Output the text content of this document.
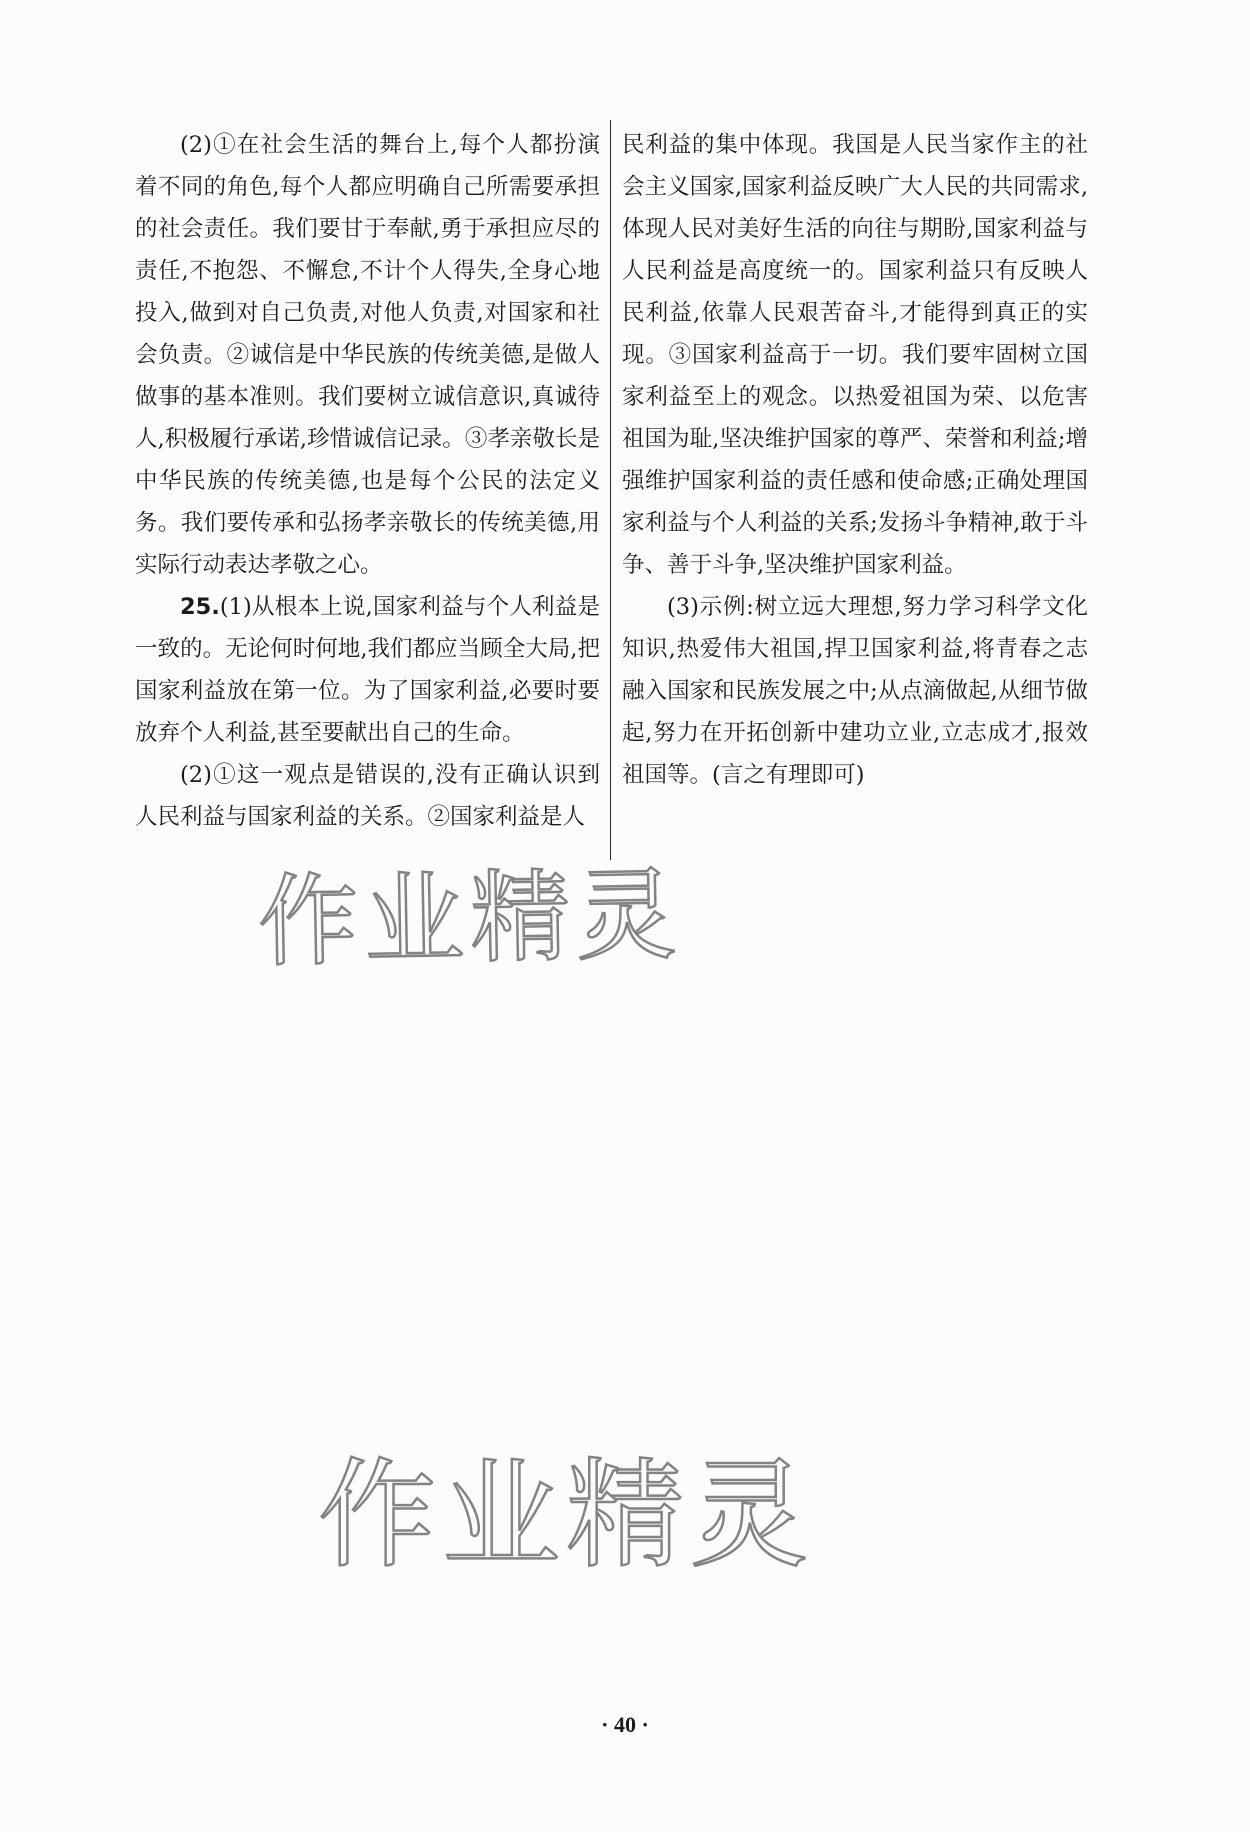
(2)①在社会生活的舞台上,每个人都扮演着不同的角色,每个人都应明确自己所需要承担的社会责任。我们要甘于奉献,勇于承担应尽的责任,不抱怨、不懈怠,不计个人得失,全身心地投入,做到对自己负责,对他人负责,对国家和社会负责。②诚信是中华民族的传统美德,是做人做事的基本准则。我们要树立诚信意识,真诚待人,积极履行承诺,珍惜诚信记录。③孝亲敬长是中华民族的传统美德,也是每个公民的法定义务。我们要传承和弘扬孝亲敬长的传统美德,用实际行动表达孝敬之心。

25.(1)从根本上说,国家利益与个人利益是一致的。无论何时何地,我们都应当顾全大局,把国家利益放在第一位。为了国家利益,必要时要放弃个人利益,甚至要献出自己的生命。

(2)①这一观点是错误的,没有正确认识到人民利益与国家利益的关系。②国家利益是人

民利益的集中体现。我国是人民当家作主的社会主义国家,国家利益反映广大人民的共同需求,体现人民对美好生活的向往与期盼,国家利益与人民利益是高度统一的。国家利益只有反映人民利益,依靠人民艰苦奋斗,才能得到真正的实现。③国家利益高于一切。我们要牢固树立国家利益至上的观念。以热爱祖国为荣、以危害祖国为耻,坚决维护国家的尊严、荣誉和利益;增强维护国家利益的责任感和使命感;正确处理国家利益与个人利益的关系;发扬斗争精神,敢于斗争、善于斗争,坚决维护国家利益。

(3)示例:树立远大理想,努力学习科学文化知识,热爱伟大祖国,捍卫国家利益,将青春之志融入国家和民族发展之中;从点滴做起,从细节做起,努力在开拓创新中建功立业,立志成才,报效祖国等。(言之有理即可)

作业精灵
作业精灵
· 40 ·
